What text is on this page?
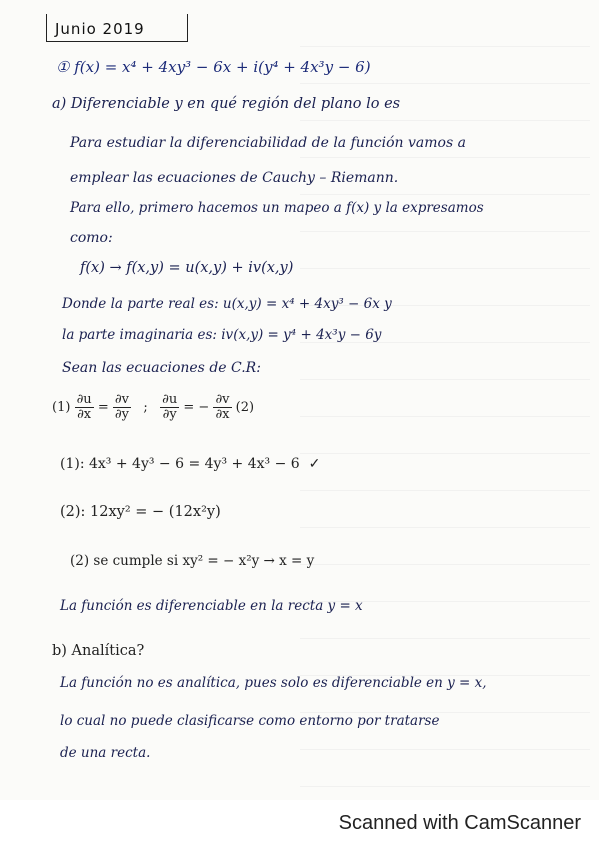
Junio 2019
① f(x) = x⁴ + 4xy³ − 6x + i(y⁴ + 4x³y − 6)
a) Diferenciable y en qué región del plano lo es
Para estudiar la diferenciabilidad de la función vamos a
emplear las ecuaciones de Cauchy – Riemann.
Para ello, primero hacemos un mapeo a f(x) y la expresamos
como:
f(x) → f(x,y) = u(x,y) + iv(x,y)
Donde la parte real es: u(x,y) = x⁴ + 4xy³ − 6x y
la parte imaginaria es: iv(x,y) = y⁴ + 4x³y − 6y
Sean las ecuaciones de C.R:
$(1) \frac{\partial u}{\partial x} = \frac{\partial v}{\partial y}$ ; $\frac{\partial u}{\partial y}$ = − $\frac{\partial v}{\partial x} (2)$
(1): 4x³ + 4y³ − 6 = 4y³ + 4x³ − 6 ✓
(2): 12xy² = − (12x²y)
(2) se cumple si xy² = − x²y → x = y
La función es diferenciable en la recta y = x
b) Analítica?
La función no es analítica, pues solo es diferenciable en y = x,
lo cual no puede clasificarse como entorno por tratarse
de una recta.
Scanned with CamScanner
